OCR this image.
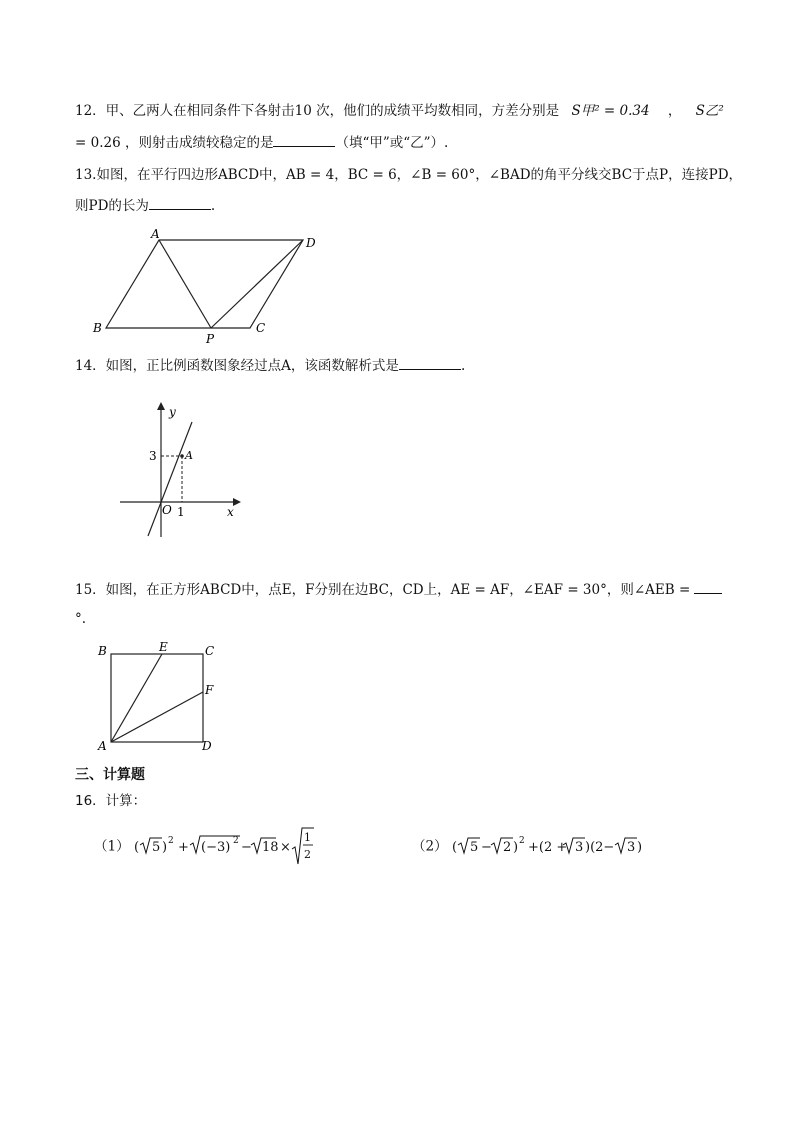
12．甲、乙两人在相同条件下各射击10 次，他们的成绩平均数相同，方差分别是 S甲² = 0.34 ， S乙²
= 0.26 ，则射击成绩较稳定的是	（填“甲”或“乙”）.
13.如图，在平行四边形ABCD中，AB = 4，BC = 6，∠B = 60°，∠BAD的角平分线交BC于点P，连接PD，
则PD的长为	.
B
A
D
C
P
14．如图，正比例函数图象经过点A，该函数解析式是	.
y
x
O
3
1
A
15．如图，在正方形ABCD中，点E，F分别在边BC，CD上，AE = AF，∠EAF = 30°，则∠AEB =
°.
B	E	C
F
A	D
三、计算题
16．计算：
（1） ( 5 ) 2 + (−3) 2 − 18 ×
1
2	（2） ( 5 − 2 ) 2 +(2 + 3 )(2− 3 )
